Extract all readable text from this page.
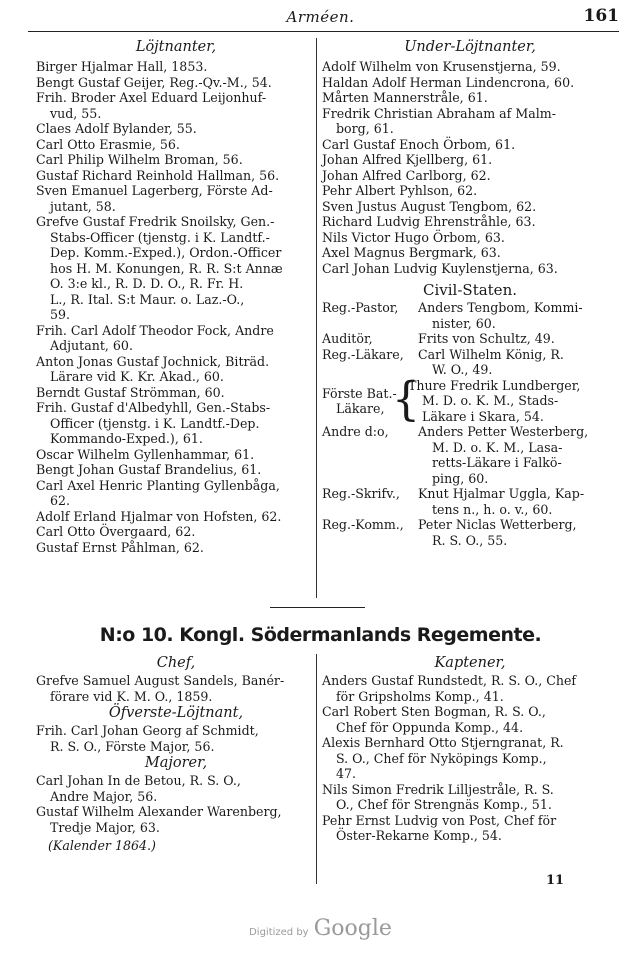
Arméen.	161
Löjtnanter,
Birger Hjalmar Hall, 1853.
Bengt Gustaf Geijer, Reg.-Qv.-M., 54.
Frih. Broder Axel Eduard Leijonhuf-
vud, 55.
Claes Adolf Bylander, 55.
Carl Otto Erasmie, 56.
Carl Philip Wilhelm Broman, 56.
Gustaf Richard Reinhold Hallman, 56.
Sven Emanuel Lagerberg, Förste Ad-
jutant, 58.
Grefve Gustaf Fredrik Snoilsky, Gen.-
Stabs-Officer (tjenstg. i K. Landtf.-
Dep. Komm.-Exped.), Ordon.-Officer
hos H. M. Konungen, R. R. S:t Annæ
O. 3:e kl., R. D. D. O., R. Fr. H.
L., R. Ital. S:t Maur. o. Laz.-O.,
59.
Frih. Carl Adolf Theodor Fock, Andre
Adjutant, 60.
Anton Jonas Gustaf Jochnick, Biträd.
Lärare vid K. Kr. Akad., 60.
Berndt Gustaf Strömman, 60.
Frih. Gustaf d'Albedyhll, Gen.-Stabs-
Officer (tjenstg. i K. Landtf.-Dep.
Kommando-Exped.), 61.
Oscar Wilhelm Gyllenhammar, 61.
Bengt Johan Gustaf Brandelius, 61.
Carl Axel Henric Planting Gyllenbåga,
62.
Adolf Erland Hjalmar von Hofsten, 62.
Carl Otto Övergaard, 62.
Gustaf Ernst Påhlman, 62.
Under-Löjtnanter,
Adolf Wilhelm von Krusenstjerna, 59.
Haldan Adolf Herman Lindencrona, 60.
Mårten Mannerstråle, 61.
Fredrik Christian Abraham af Malm-
borg, 61.
Carl Gustaf Enoch Örbom, 61.
Johan Alfred Kjellberg, 61.
Johan Alfred Carlborg, 62.
Pehr Albert Pyhlson, 62.
Sven Justus August Tengbom, 62.
Richard Ludvig Ehrenstråhle, 63.
Nils Victor Hugo Örbom, 63.
Axel Magnus Bergmark, 63.
Carl Johan Ludvig Kuylenstjerna, 63.
Civil-Staten.
Reg.-Pastor,	Anders Tengbom, Kommi-
nister, 60.
Auditör,	Frits von Schultz, 49.
Reg.-Läkare,	Carl Wilhelm König, R.
W. O., 49.
Förste Bat.-
Läkare, {
Thure Fredrik Lundberger,
M. D. o. K. M., Stads-
Läkare i Skara, 54.
Andre d:o,	Anders Petter Westerberg,
M. D. o. K. M., Lasa-
retts-Läkare i Falkö-
ping, 60.
Reg.-Skrifv.,	Knut Hjalmar Uggla, Kap-
tens n., h. o. v., 60.
Reg.-Komm.,	Peter Niclas Wetterberg,
R. S. O., 55.
N:o 10. Kongl. Södermanlands Regemente.
Chef,
Grefve Samuel August Sandels, Banér-
förare vid K. M. O., 1859.
Öfverste-Löjtnant,
Frih. Carl Johan Georg af Schmidt,
R. S. O., Förste Major, 56.
Majorer,
Carl Johan In de Betou, R. S. O.,
Andre Major, 56.
Gustaf Wilhelm Alexander Warenberg,
Tredje Major, 63.
(Kalender 1864.)
Kaptener,
Anders Gustaf Rundstedt, R. S. O., Chef
för Gripsholms Komp., 41.
Carl Robert Sten Bogman, R. S. O.,
Chef för Oppunda Komp., 44.
Alexis Bernhard Otto Stjerngranat, R.
S. O., Chef för Nyköpings Komp.,
47.
Nils Simon Fredrik Lilljestråle, R. S.
O., Chef för Strengnäs Komp., 51.
Pehr Ernst Ludvig von Post, Chef för
Öster-Rekarne Komp., 54.
11
Digitized by Google
